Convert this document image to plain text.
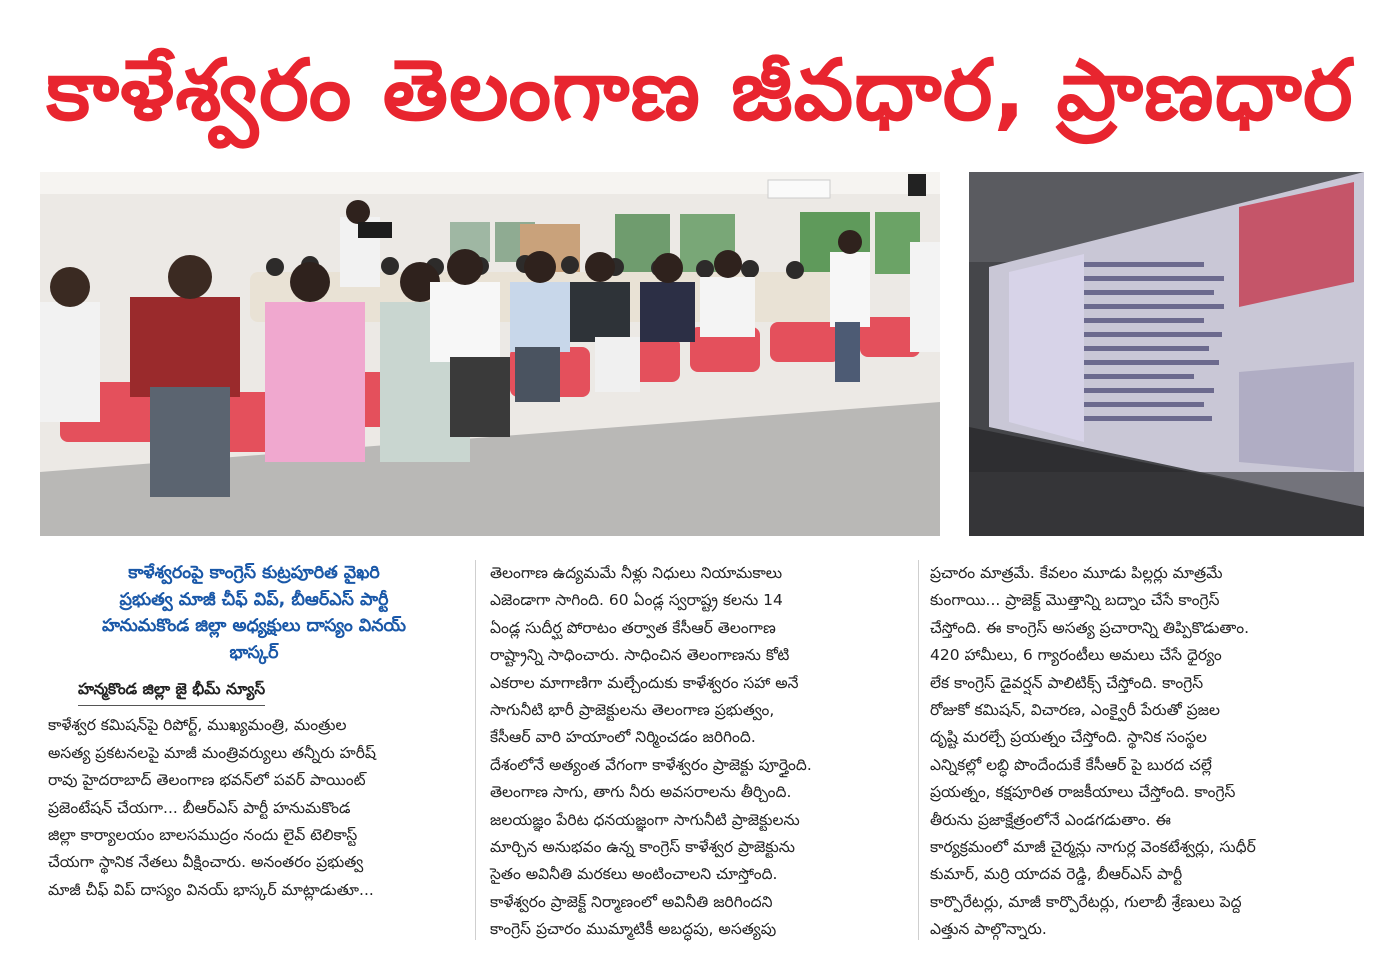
కాళేశ్వరం తెలంగాణ జీవధార, ప్రాణధార
కాళేశ్వరంపై కాంగ్రెస్ కుట్రపూరిత వైఖరి
ప్రభుత్వ మాజీ చీఫ్ విప్, బీఆర్ఎస్ పార్టీ
హనుమకొండ జిల్లా అధ్యక్షులు దాస్యం వినయ్
భాస్కర్
హన్మకొండ జిల్లా జై భీమ్ న్యూస్
కాళేశ్వర కమిషన్‌పై రిపోర్ట్, ముఖ్యమంత్రి, మంత్రుల
అసత్య ప్రకటనలపై మాజీ మంత్రివర్యులు తన్నీరు హరీష్
రావు హైదరాబాద్ తెలంగాణ భవన్‌లో పవర్ పాయింట్
ప్రజెంటేషన్ చేయగా... బీఆర్ఎస్ పార్టీ హనుమకొండ
జిల్లా కార్యాలయం బాలసముద్రం నందు లైవ్ టెలికాస్ట్
చేయగా స్థానిక నేతలు వీక్షించారు. అనంతరం ప్రభుత్వ
మాజీ చీఫ్ విప్ దాస్యం వినయ్ భాస్కర్ మాట్లాడుతూ...
తెలంగాణ ఉద్యమమే నీళ్లు నిధులు నియామకాలు
ఎజెండాగా సాగింది. 60 ఏండ్ల స్వరాష్ట్ర కలను 14
ఏండ్ల సుదీర్ఘ పోరాటం తర్వాత కేసీఆర్ తెలంగాణ
రాష్ట్రాన్ని సాధించారు. సాధించిన తెలంగాణను కోటి
ఎకరాల మాగాణిగా మల్చేందుకు కాళేశ్వరం సహా అనే
సాగునీటి భారీ ప్రాజెక్టులను తెలంగాణ ప్రభుత్వం,
కేసీఆర్ వారి హయాంలో నిర్మించడం జరిగింది.
దేశంలోనే అత్యంత వేగంగా కాళేశ్వరం ప్రాజెక్టు పూర్తైంది.
తెలంగాణ సాగు, తాగు నీరు అవసరాలను తీర్చింది.
జలయజ్ఞం పేరిట ధనయజ్ఞంగా సాగునీటి ప్రాజెక్టులను
మార్చిన అనుభవం ఉన్న కాంగ్రెస్ కాళేశ్వర ప్రాజెక్టును
సైతం అవినీతి మరకలు అంటించాలని చూస్తోంది.
కాళేశ్వరం ప్రాజెక్ట్ నిర్మాణంలో అవినీతి జరిగిందని
కాంగ్రెస్ ప్రచారం ముమ్మాటికీ అబద్ధపు, అసత్యపు
ప్రచారం మాత్రమే. కేవలం మూడు పిల్లర్లు మాత్రమే
కుంగాయి... ప్రాజెక్ట్ మొత్తాన్ని బద్నాం చేసే కాంగ్రెస్
చేస్తోంది. ఈ కాంగ్రెస్ అసత్య ప్రచారాన్ని తిప్పికొడుతాం.
420 హామీలు, 6 గ్యారంటీలు అమలు చేసే ధైర్యం
లేక కాంగ్రెస్ డైవర్షన్ పాలిటిక్స్ చేస్తోంది. కాంగ్రెస్
రోజుకో కమిషన్, విచారణ, ఎంక్వైరీ పేరుతో ప్రజల
దృష్టి మరల్చే ప్రయత్నం చేస్తోంది. స్థానిక సంస్థల
ఎన్నికల్లో లబ్ధి పొందేందుకే కేసీఆర్ పై బురద చల్లే
ప్రయత్నం, కక్షపూరిత రాజకీయాలు చేస్తోంది. కాంగ్రెస్
తీరును ప్రజాక్షేత్రంలోనే ఎండగడుతాం. ఈ
కార్యక్రమంలో మాజీ చైర్మన్లు నాగుర్ల వెంకటేశ్వర్లు, సుధీర్
కుమార్, మర్రి యాదవ రెడ్డి, బీఆర్ఎస్ పార్టీ
కార్పొరేటర్లు, మాజీ కార్పొరేటర్లు, గులాబీ శ్రేణులు పెద్ద
ఎత్తున పాల్గొన్నారు.
